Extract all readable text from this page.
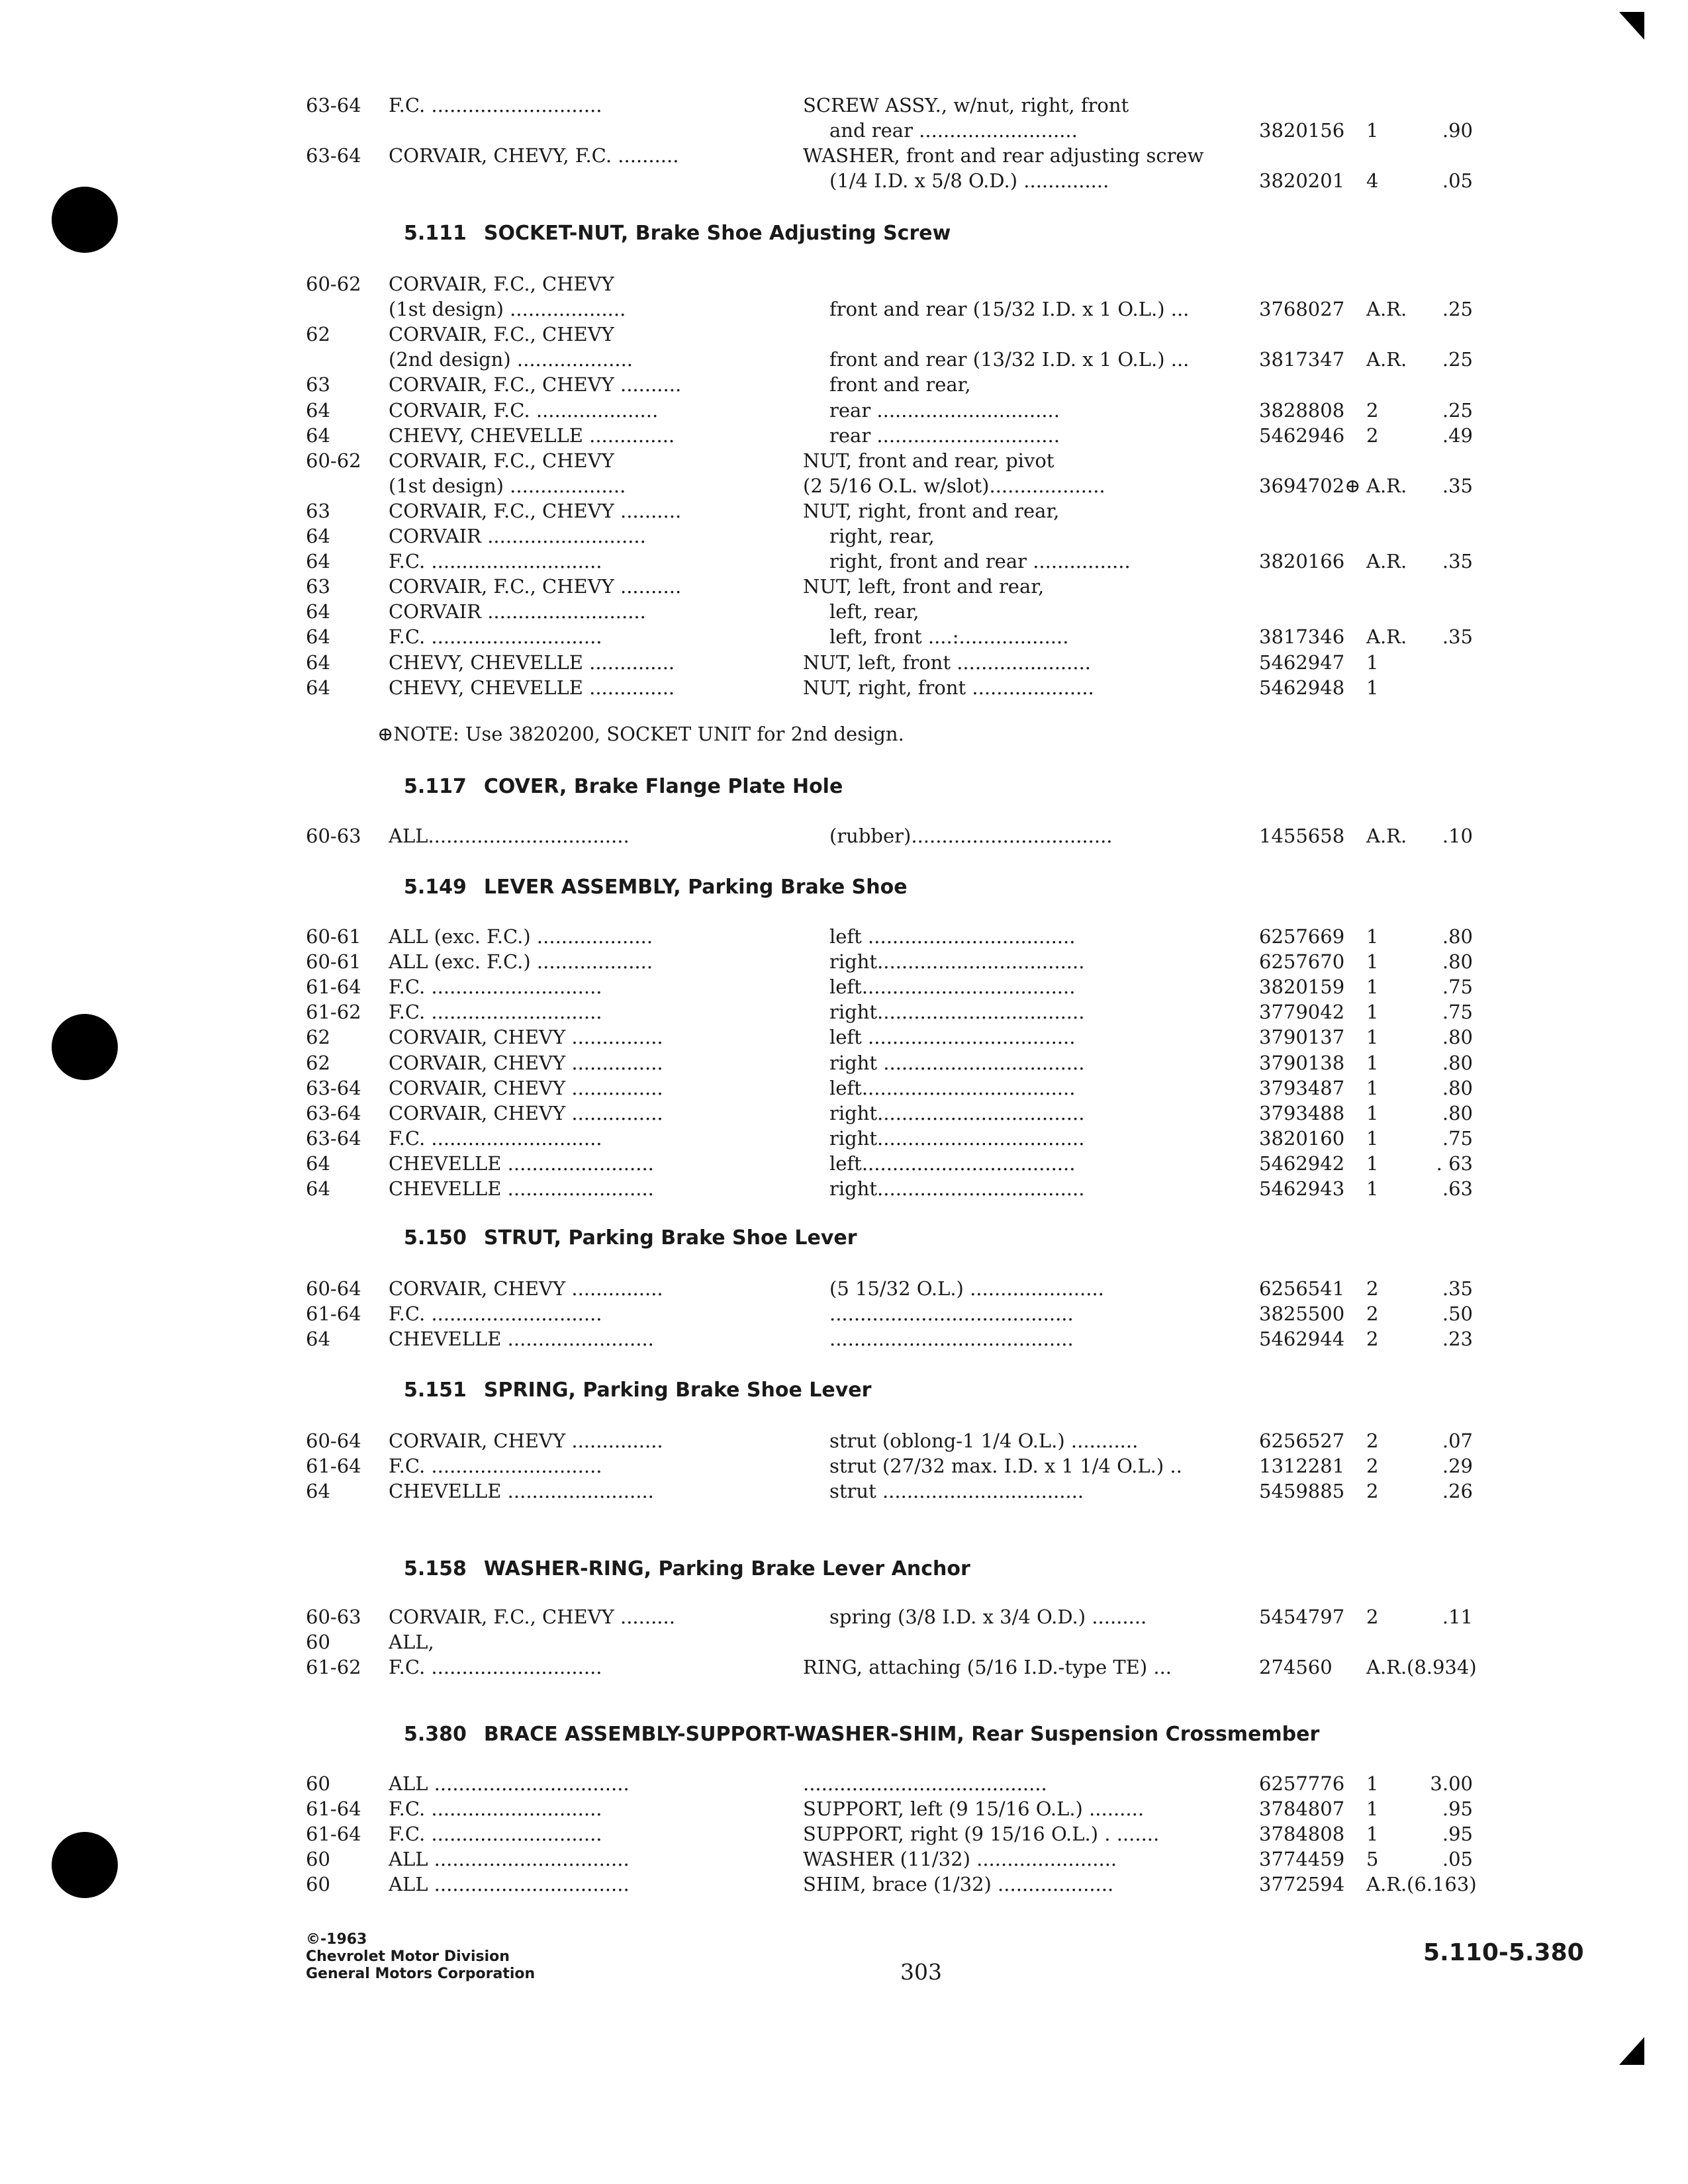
63-64 F.C. ............................	SCREW ASSY., w/nut, right, front
and rear ..........................	3820156 1	.90
63-64 CORVAIR, CHEVY, F.C. ..........	WASHER, front and rear adjusting screw
(1/4 I.D. x 5/8 O.D.) ..............	3820201 4	.05
5.111 SOCKET-NUT, Brake Shoe Adjusting Screw
60-62 CORVAIR, F.C., CHEVY
(1st design) ...................	front and rear (15/32 I.D. x 1 O.L.) ...	3768027 A.R.	.25
62	CORVAIR, F.C., CHEVY
(2nd design) ...................	front and rear (13/32 I.D. x 1 O.L.) ...	3817347 A.R.	.25
63	CORVAIR, F.C., CHEVY ..........	front and rear,
64	CORVAIR, F.C. ....................	rear ..............................	3828808 2	.25
64	CHEVY, CHEVELLE ..............	rear ..............................	5462946 2	.49
60-62 CORVAIR, F.C., CHEVY	NUT, front and rear, pivot
(1st design) ...................	(2 5/16 O.L. w/slot)...................	3694702⊕ A.R.	.35
63	CORVAIR, F.C., CHEVY ..........	NUT, right, front and rear,
64	CORVAIR ..........................	right, rear,
64	F.C. ............................	right, front and rear ................	3820166 A.R.	.35
63	CORVAIR, F.C., CHEVY ..........	NUT, left, front and rear,
64	CORVAIR ..........................	left, rear,
64	F.C. ............................	left, front ....:..................	3817346 A.R.	.35
64	CHEVY, CHEVELLE ..............	NUT, left, front ......................	5462947 1
64	CHEVY, CHEVELLE ..............	NUT, right, front ....................	5462948 1
⊕NOTE: Use 3820200, SOCKET UNIT for 2nd design.
5.117 COVER, Brake Flange Plate Hole
60-63 ALL.................................	(rubber).................................	1455658 A.R.	.10
5.149 LEVER ASSEMBLY, Parking Brake Shoe
60-61 ALL (exc. F.C.) ...................	left ..................................	6257669 1	.80
60-61 ALL (exc. F.C.) ...................	right..................................	6257670 1	.80
61-64 F.C. ............................	left...................................	3820159 1	.75
61-62 F.C. ............................	right..................................	3779042 1	.75
62	CORVAIR, CHEVY ...............	left ..................................	3790137 1	.80
62	CORVAIR, CHEVY ...............	right .................................	3790138 1	.80
63-64 CORVAIR, CHEVY ...............	left...................................	3793487 1	.80
63-64 CORVAIR, CHEVY ...............	right..................................	3793488 1	.80
63-64 F.C. ............................	right..................................	3820160 1	.75
64	CHEVELLE ........................	left...................................	5462942 1	. 63
64	CHEVELLE ........................	right..................................	5462943 1	.63
5.150 STRUT, Parking Brake Shoe Lever
60-64 CORVAIR, CHEVY ...............	(5 15/32 O.L.) ......................	6256541 2	.35
61-64 F.C. ............................	........................................	3825500 2	.50
64	CHEVELLE ........................	........................................	5462944 2	.23
5.151 SPRING, Parking Brake Shoe Lever
60-64 CORVAIR, CHEVY ...............	strut (oblong-1 1/4 O.L.) ...........	6256527 2	.07
61-64 F.C. ............................	strut (27/32 max. I.D. x 1 1/4 O.L.) ..	1312281 2	.29
64	CHEVELLE ........................	strut .................................	5459885 2	.26
5.158 WASHER-RING, Parking Brake Lever Anchor
60-63 CORVAIR, F.C., CHEVY .........	spring (3/8 I.D. x 3/4 O.D.) .........	5454797 2	.11
60	ALL,
61-62 F.C. ............................	RING, attaching (5/16 I.D.-type TE) ...	274560 A.R. (8.934)
5.380 BRACE ASSEMBLY-SUPPORT-WASHER-SHIM, Rear Suspension Crossmember
60	ALL ................................	........................................	6257776 1	3.00
61-64 F.C. ............................	SUPPORT, left (9 15/16 O.L.) .........	3784807 1	.95
61-64 F.C. ............................	SUPPORT, right (9 15/16 O.L.) . .......	3784808 1	.95
60	ALL ................................	WASHER (11/32) .......................	3774459 5	.05
60	ALL ................................	SHIM, brace (1/32) ...................	3772594 A.R. (6.163)
©-1963
Chevrolet Motor Division
General Motors Corporation	303
5.110-5.380
